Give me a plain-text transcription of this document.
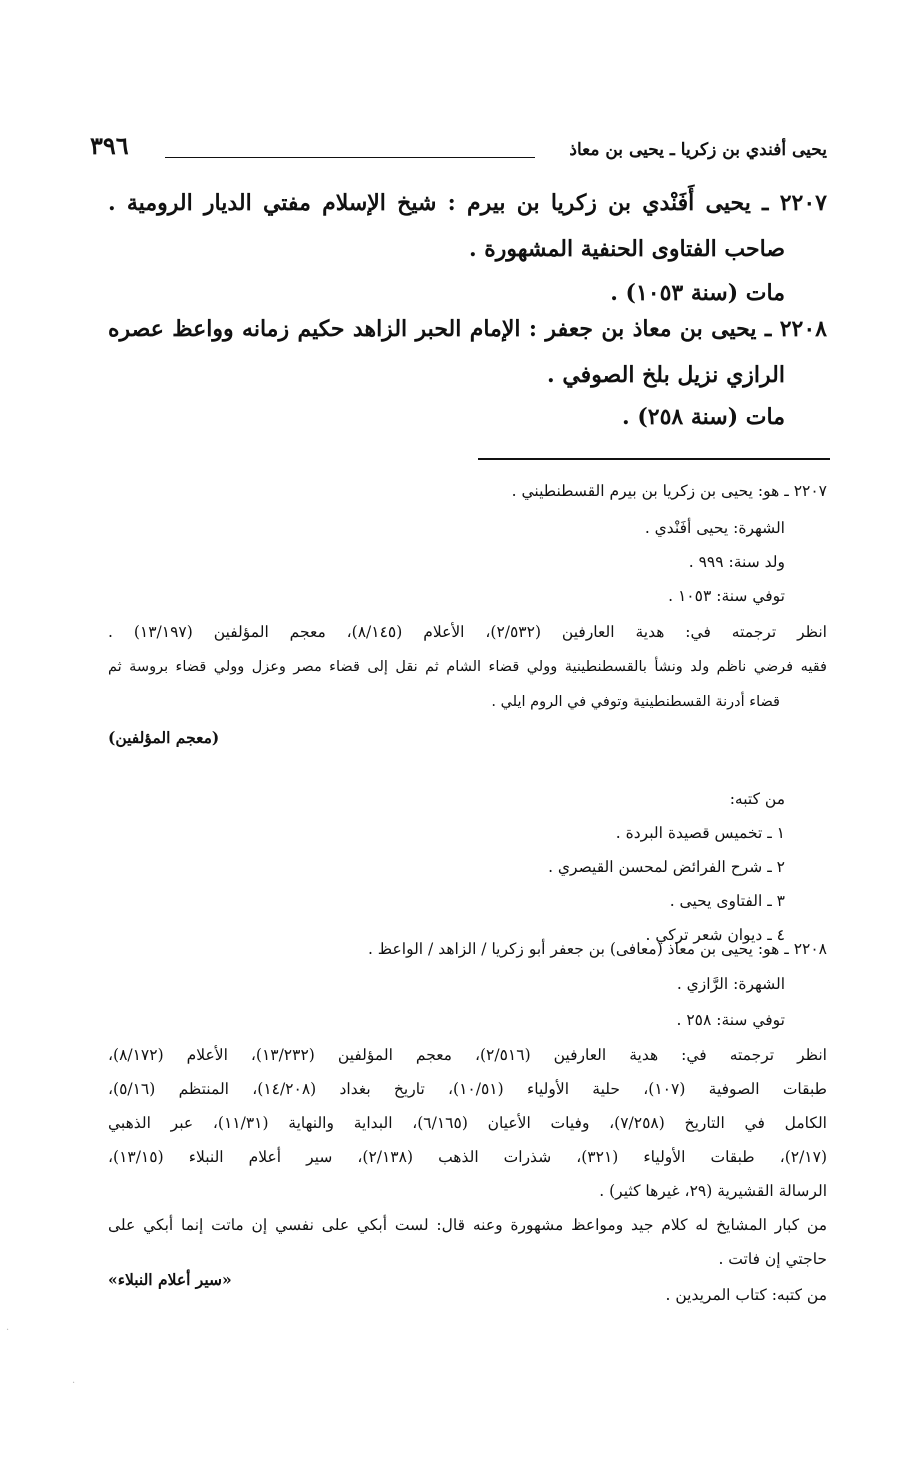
يحيى أفندي بن زكريا ـ يحيى بن معاذ
٣٩٦
٢٢٠٧ ـ يحيى أَفَنْدي بن زكريا بن بيرم : شيخ الإسلام مفتي الديار الرومية .
صاحب الفتاوى الحنفية المشهورة .
مات (سنة ١٠٥٣) .
٢٢٠٨ ـ يحيى بن معاذ بن جعفر : الإمام الحبر الزاهد حكيم زمانه وواعظ عصره
الرازي نزيل بلخ الصوفي .
مات (سنة ٢٥٨) .
٢٢٠٧ ـ هو: يحيى بن زكريا بن بيرم القسطنطيني .
الشهرة: يحيى أفَنْدي .
ولد سنة: ٩٩٩ .
توفي سنة: ١٠٥٣ .
انظر ترجمته في: هدية العارفين (٢/٥٣٢)، الأعلام (٨/١٤٥)، معجم المؤلفين (١٣/١٩٧) .
فقيه فرضي ناظم ولد ونشأ بالقسطنطينية وولي قضاء الشام ثم نقل إلى قضاء مصر وعزل وولي قضاء بروسة ثم
قضاء أدرنة القسطنطينية وتوفي في الروم ايلي .
(معجم المؤلفين)
من كتبه:
١ ـ تخميس قصيدة البردة .
٢ ـ شرح الفرائض لمحسن القيصري .
٣ ـ الفتاوى يحيى .
٤ ـ ديوان شعر تركي .
٢٢٠٨ ـ هو: يحيى بن معاذ (معافى) بن جعفر أبو زكريا / الزاهد / الواعظ .
الشهرة: الرَّازي .
توفي سنة: ٢٥٨ .
انظر ترجمته في: هدية العارفين (٢/٥١٦)، معجم المؤلفين (١٣/٢٣٢)، الأعلام (٨/١٧٢)،
طبقات الصوفية (١٠٧)، حلية الأولياء (١٠/٥١)، تاريخ بغداد (١٤/٢٠٨)، المنتظم (٥/١٦)،
الكامل في التاريخ (٧/٢٥٨)، وفيات الأعيان (٦/١٦٥)، البداية والنهاية (١١/٣١)، عبر الذهبي
(٢/١٧)، طبقات الأولياء (٣٢١)، شذرات الذهب (٢/١٣٨)، سير أعلام النبلاء (١٣/١٥)،
الرسالة القشيرية (٢٩، غيرها كثير) .
من كبار المشايخ له كلام جيد ومواعظ مشهورة وعنه قال: لست أبكي على نفسي إن ماتت إنما أبكي على
حاجتي إن فاتت .
«سير أعلام النبلاء»
من كتبه: كتاب المريدين .
·
·
